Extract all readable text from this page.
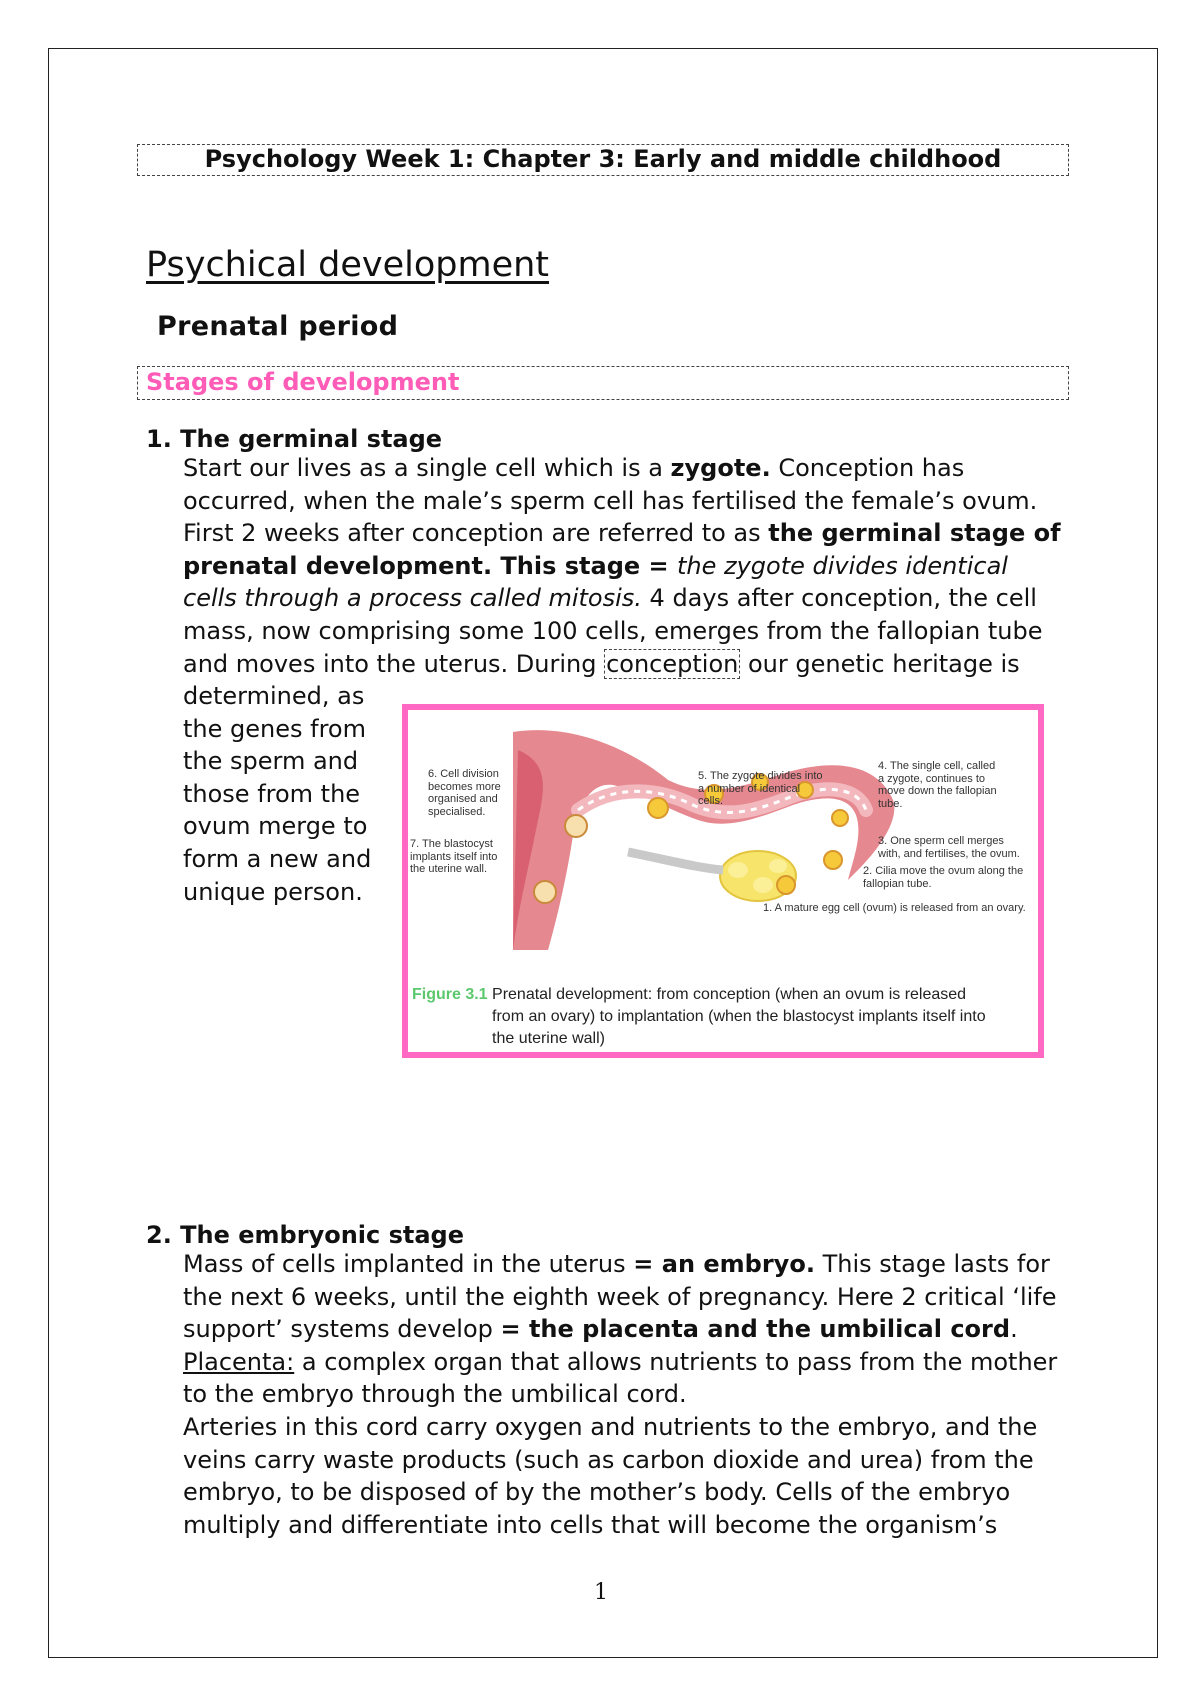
Psychology Week 1: Chapter 3: Early and middle childhood
Psychical development
Prenatal period
Stages of development
1. The germinal stage

Start our lives as a single cell which is a zygote. Conception has occurred, when the male’s sperm cell has fertilised the female’s ovum. First 2 weeks after conception are referred to as the germinal stage of prenatal development. This stage = the zygote divides identical cells through a process called mitosis. 4 days after conception, the cell mass, now comprising some 100 cells, emerges from the fallopian tube and moves into the uterus. During conception our genetic heritage is

determined, as the genes from the sperm and those from the ovum merge to form a new and unique person.
6. Cell division becomes more organised and specialised.
7. The blastocyst implants itself into the uterine wall.
5. The zygote divides into a number of identical cells.
4. The single cell, called a zygote, continues to move down the fallopian tube.
3. One sperm cell merges with, and fertilises, the ovum.
2. Cilia move the ovum along the fallopian tube.
1. A mature egg cell (ovum) is released from an ovary.
Figure 3.1 Prenatal development: from conception (when an ovum is released from an ovary) to implantation (when the blastocyst implants itself into the uterine wall)
2. The embryonic stage

Mass of cells implanted in the uterus = an embryo. This stage lasts for the next 6 weeks, until the eighth week of pregnancy. Here 2 critical ‘life support’ systems develop = the placenta and the umbilical cord. Placenta: a complex organ that allows nutrients to pass from the mother to the embryo through the umbilical cord.

Arteries in this cord carry oxygen and nutrients to the embryo, and the veins carry waste products (such as carbon dioxide and urea) from the embryo, to be disposed of by the mother’s body. Cells of the embryo multiply and differentiate into cells that will become the organism’s

1
